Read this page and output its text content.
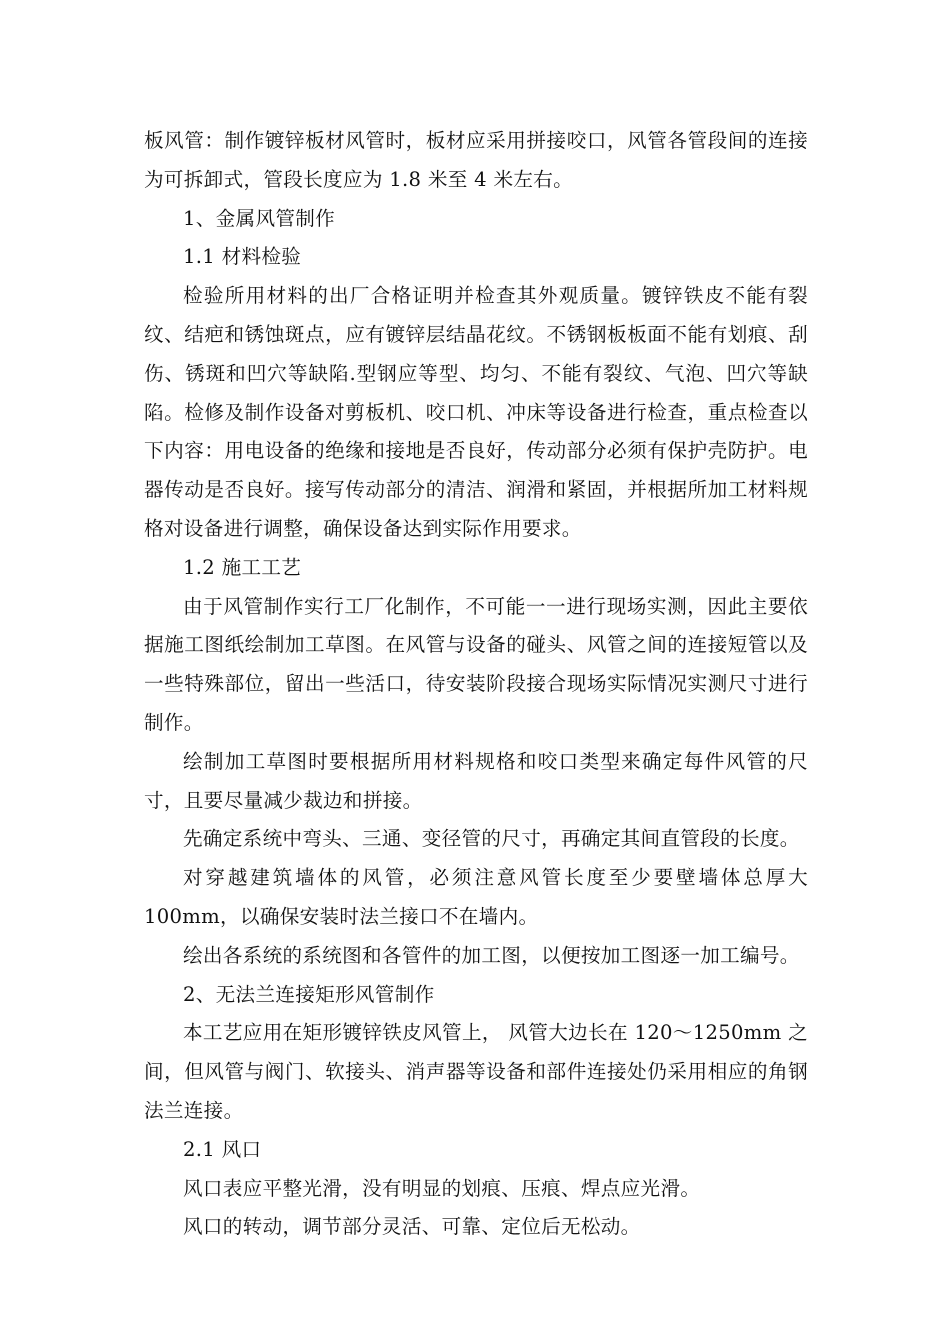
板风管：制作镀锌板材风管时，板材应采用拼接咬口，风管各管段间的连接为可拆卸式，管段长度应为 1.8 米至 4 米左右。

1、金属风管制作

1.1 材料检验

检验所用材料的出厂合格证明并检查其外观质量。镀锌铁皮不能有裂纹、结疤和锈蚀斑点，应有镀锌层结晶花纹。不锈钢板板面不能有划痕、刮伤、锈斑和凹穴等缺陷.型钢应等型、均匀、不能有裂纹、气泡、凹穴等缺陷。检修及制作设备对剪板机、咬口机、冲床等设备进行检查，重点检查以下内容：用电设备的绝缘和接地是否良好，传动部分必须有保护壳防护。电器传动是否良好。接写传动部分的清洁、润滑和紧固，并根据所加工材料规格对设备进行调整，确保设备达到实际作用要求。

1.2 施工工艺

由于风管制作实行工厂化制作，不可能一一进行现场实测，因此主要依据施工图纸绘制加工草图。在风管与设备的碰头、风管之间的连接短管以及一些特殊部位，留出一些活口，待安装阶段接合现场实际情况实测尺寸进行制作。

绘制加工草图时要根据所用材料规格和咬口类型来确定每件风管的尺寸，且要尽量减少裁边和拼接。

先确定系统中弯头、三通、变径管的尺寸，再确定其间直管段的长度。

对穿越建筑墙体的风管，必须注意风管长度至少要壁墙体总厚大 100mm，以确保安装时法兰接口不在墙内。

绘出各系统的系统图和各管件的加工图，以便按加工图逐一加工编号。

2、无法兰连接矩形风管制作

本工艺应用在矩形镀锌铁皮风管上， 风管大边长在 120～1250mm 之间，但风管与阀门、软接头、消声器等设备和部件连接处仍采用相应的角钢法兰连接。

2.1 风口

风口表应平整光滑，没有明显的划痕、压痕、焊点应光滑。

风口的转动，调节部分灵活、可靠、定位后无松动。
